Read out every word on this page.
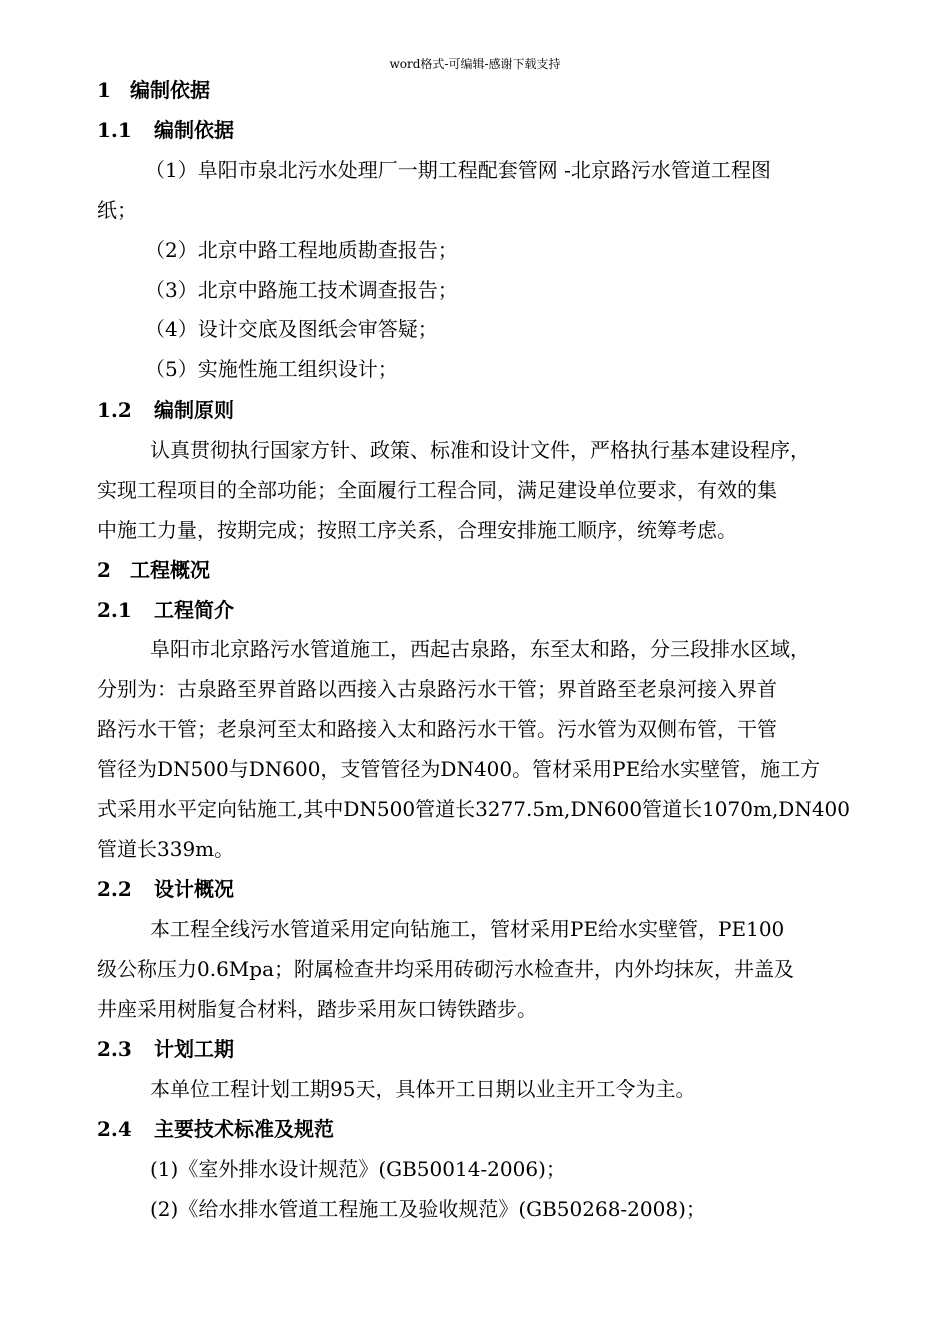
word格式-可编辑-感谢下载支持
1 编制依据
1.1 编制依据
（1）阜阳市泉北污水处理厂一期工程配套管网 -北京路污水管道工程图
纸；
（2）北京中路工程地质勘查报告；
（3）北京中路施工技术调查报告；
（4）设计交底及图纸会审答疑；
（5）实施性施工组织设计；
1.2 编制原则
认真贯彻执行国家方针、政策、标准和设计文件，严格执行基本建设程序，
实现工程项目的全部功能；全面履行工程合同，满足建设单位要求，有效的集
中施工力量，按期完成；按照工序关系，合理安排施工顺序，统筹考虑。
2 工程概况
2.1 工程简介
阜阳市北京路污水管道施工，西起古泉路，东至太和路，分三段排水区域，
分别为：古泉路至界首路以西接入古泉路污水干管；界首路至老泉河接入界首
路污水干管；老泉河至太和路接入太和路污水干管。污水管为双侧布管，干管
管径为DN500与DN600，支管管径为DN400。管材采用PE给水实壁管，施工方
式采用水平定向钻施工,其中DN500管道长3277.5m,DN600管道长1070m,DN400
管道长339m。
2.2 设计概况
本工程全线污水管道采用定向钻施工，管材采用PE给水实壁管，PE100
级公称压力0.6Mpa；附属检查井均采用砖砌污水检查井，内外均抹灰，井盖及
井座采用树脂复合材料，踏步采用灰口铸铁踏步。
2.3 计划工期
本单位工程计划工期95天，具体开工日期以业主开工令为主。
2.4 主要技术标准及规范
(1)《室外排水设计规范》(GB50014-2006)；
(2)《给水排水管道工程施工及验收规范》(GB50268-2008)；
